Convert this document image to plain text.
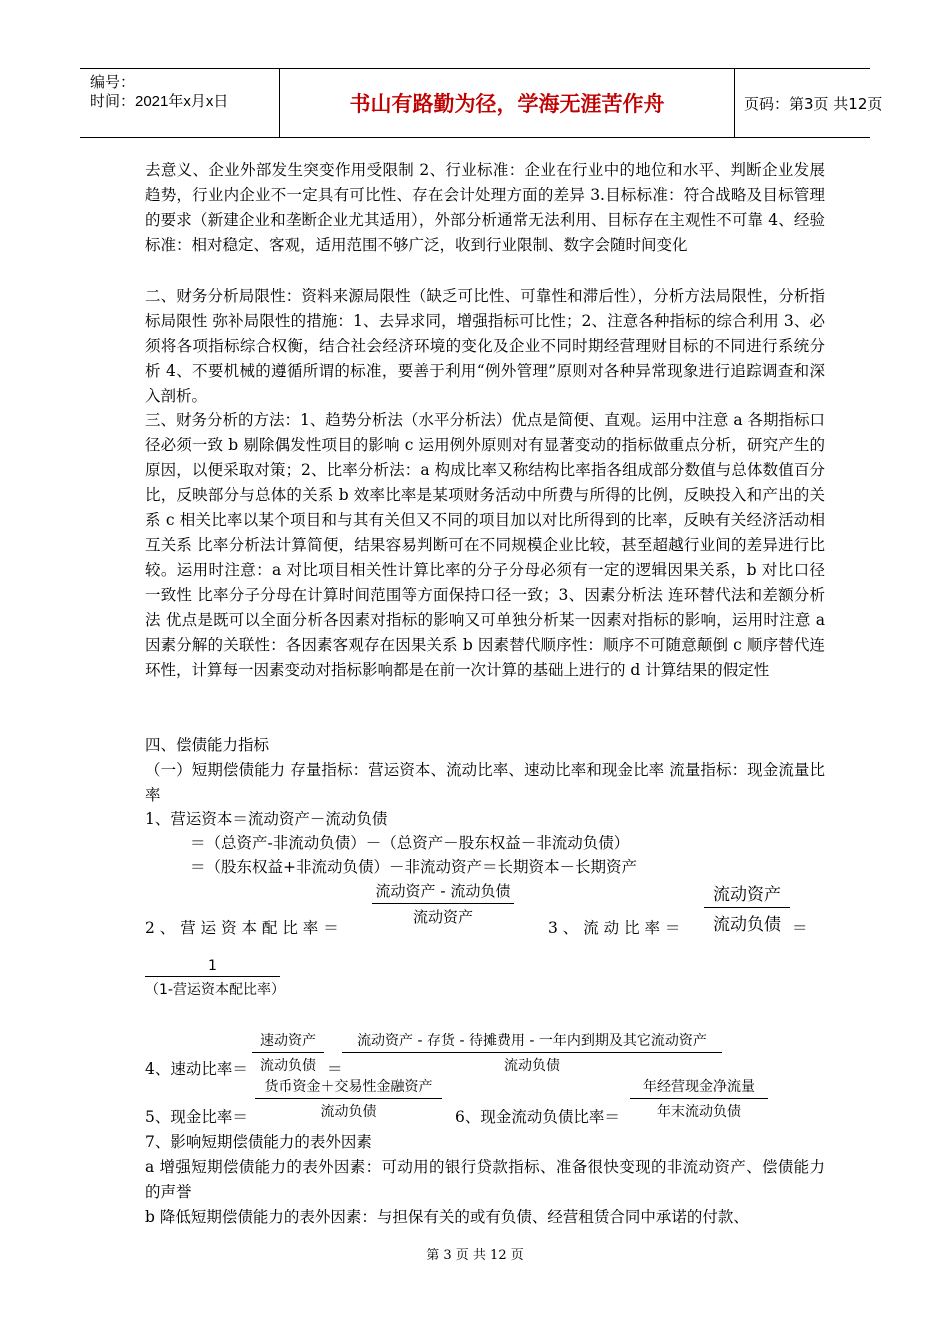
编号：
时间：2021年x月x日	书山有路勤为径，学海无涯苦作舟	页码：第3页 共12页
去意义、企业外部发生突变作用受限制 2、行业标准：企业在行业中的地位和水平、判断企业发展趋势，行业内企业不一定具有可比性、存在会计处理方面的差异 3.目标标准：符合战略及目标管理的要求（新建企业和垄断企业尤其适用），外部分析通常无法利用、目标存在主观性不可靠 4、经验标准：相对稳定、客观，适用范围不够广泛，收到行业限制、数字会随时间变化
二、财务分析局限性：资料来源局限性（缺乏可比性、可靠性和滞后性），分析方法局限性，分析指标局限性 弥补局限性的措施：1、去异求同，增强指标可比性；2、注意各种指标的综合利用 3、必须将各项指标综合权衡，结合社会经济环境的变化及企业不同时期经营理财目标的不同进行系统分析 4、不要机械的遵循所谓的标准，要善于利用“例外管理”原则对各种异常现象进行追踪调查和深入剖析。
三、财务分析的方法：1、趋势分析法（水平分析法）优点是简便、直观。运用中注意 a 各期指标口径必须一致 b 剔除偶发性项目的影响 c 运用例外原则对有显著变动的指标做重点分析，研究产生的原因，以便采取对策；2、比率分析法：a 构成比率又称结构比率指各组成部分数值与总体数值百分比，反映部分与总体的关系 b 效率比率是某项财务活动中所费与所得的比例，反映投入和产出的关系 c 相关比率以某个项目和与其有关但又不同的项目加以对比所得到的比率，反映有关经济活动相互关系 比率分析法计算简便，结果容易判断可在不同规模企业比较，甚至超越行业间的差异进行比较。运用时注意：a 对比项目相关性计算比率的分子分母必须有一定的逻辑因果关系，b 对比口径一致性 比率分子分母在计算时间范围等方面保持口径一致；3、因素分析法 连环替代法和差额分析法 优点是既可以全面分析各因素对指标的影响又可单独分析某一因素对指标的影响，运用时注意 a 因素分解的关联性：各因素客观存在因果关系 b 因素替代顺序性：顺序不可随意颠倒 c 顺序替代连环性，计算每一因素变动对指标影响都是在前一次计算的基础上进行的 d 计算结果的假定性
四、偿债能力指标
（一）短期偿债能力 存量指标：营运资本、流动比率、速动比率和现金比率 流量指标：现金流量比率
1、营运资本＝流动资产－流动负债
＝（总资产-非流动负债）－（总资产－股东权益－非流动负债）
＝（股东权益+非流动负债）－非流动资产＝长期资本－长期资产
2 、 营 运 资 本 配 比 率 ＝
流动资产 - 流动负债
流动资产
3 、 流 动 比 率 ＝
流动资产
流动负债 ＝
1
（1-营运资本配比率）
4、速动比率＝
速动资产
流动负债 ＝
流动资产 - 存货 - 待摊费用 - 一年内到期及其它流动资产
流动负债
5、现金比率＝
货币资金＋交易性金融资产
流动负债	6、现金流动负债比率＝
年经营现金净流量
年末流动负债
7、影响短期偿债能力的表外因素
a 增强短期偿债能力的表外因素：可动用的银行贷款指标、准备很快变现的非流动资产、偿债能力的声誉
b 降低短期偿债能力的表外因素：与担保有关的或有负债、经营租赁合同中承诺的付款、
第 3 页 共 12 页
